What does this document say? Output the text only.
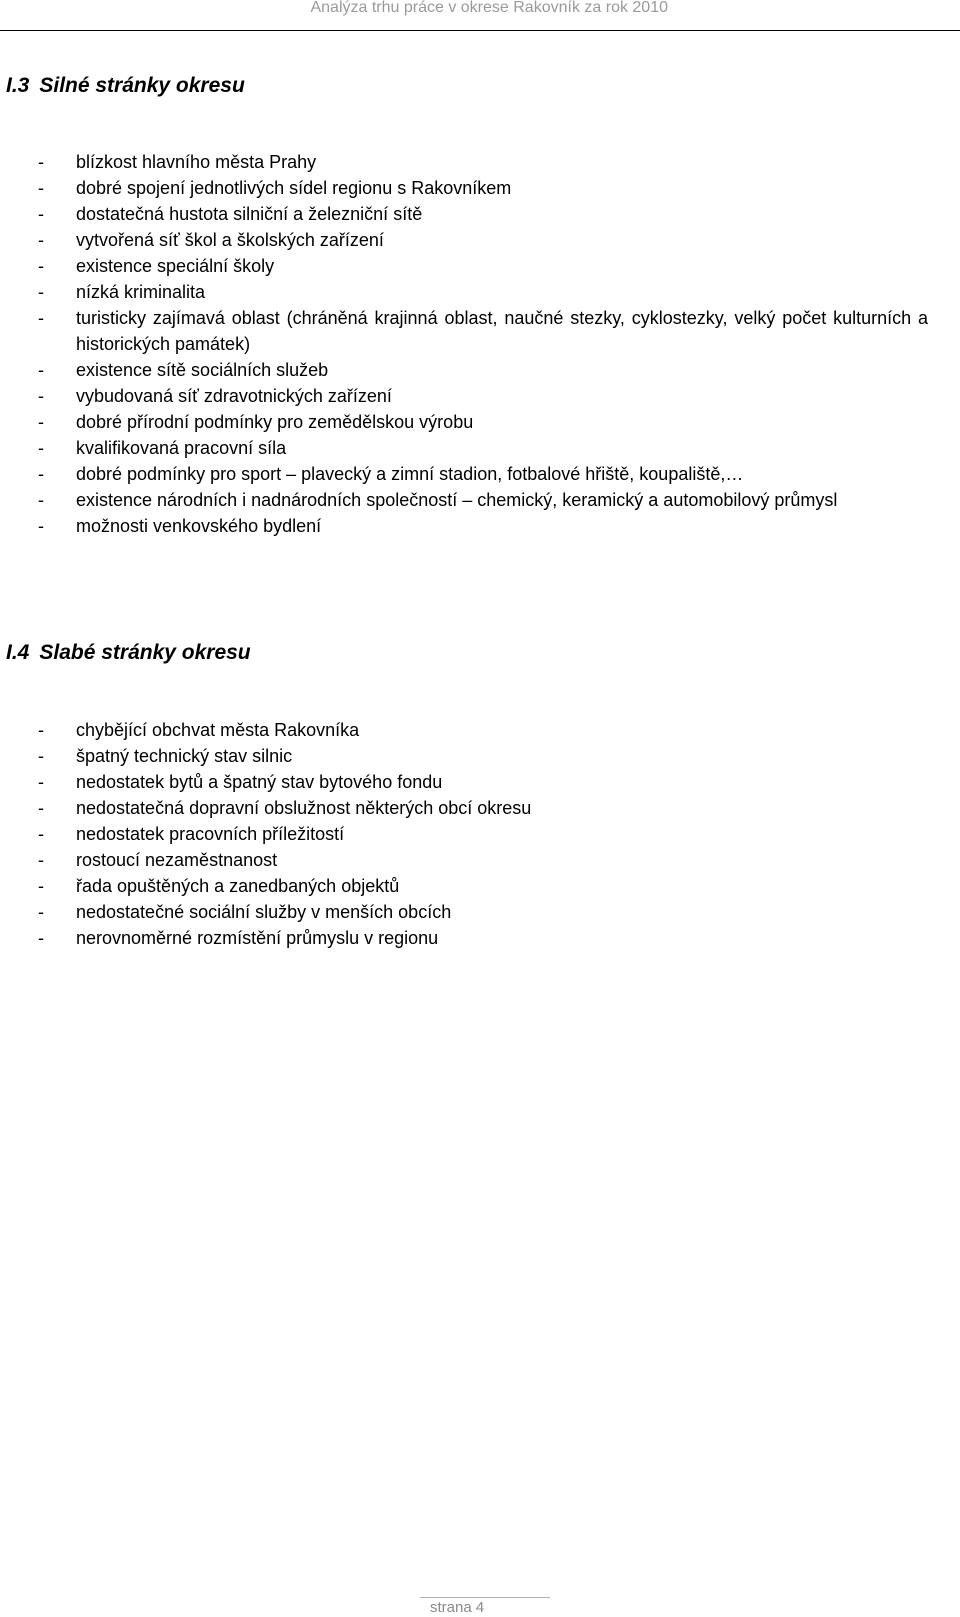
Analýza trhu práce v okrese Rakovník za rok 2010
I.3 Silné stránky okresu
- blízkost hlavního města Prahy
- dobré spojení jednotlivých sídel regionu s Rakovníkem
- dostatečná hustota silniční a železniční sítě
- vytvořená síť škol a školských zařízení
- existence speciální školy
- nízká kriminalita
- turisticky zajímavá oblast (chráněná krajinná oblast, naučné stezky, cyklostezky, velký počet kulturních a historických památek)
- existence sítě sociálních služeb
- vybudovaná síť zdravotnických zařízení
- dobré přírodní podmínky pro zemědělskou výrobu
- kvalifikovaná pracovní síla
- dobré podmínky pro sport – plavecký a zimní stadion, fotbalové hřiště, koupaliště,…
- existence národních i nadnárodních společností – chemický, keramický a automobilový průmysl
- možnosti venkovského bydlení
I.4 Slabé stránky okresu
- chybějící obchvat města Rakovníka
- špatný technický stav silnic
- nedostatek bytů a špatný stav bytového fondu
- nedostatečná dopravní obslužnost některých obcí okresu
- nedostatek pracovních příležitostí
- rostoucí nezaměstnanost
- řada opuštěných a zanedbaných objektů
- nedostatečné sociální služby v menších obcích
- nerovnoměrné rozmístění průmyslu v regionu
strana 4
